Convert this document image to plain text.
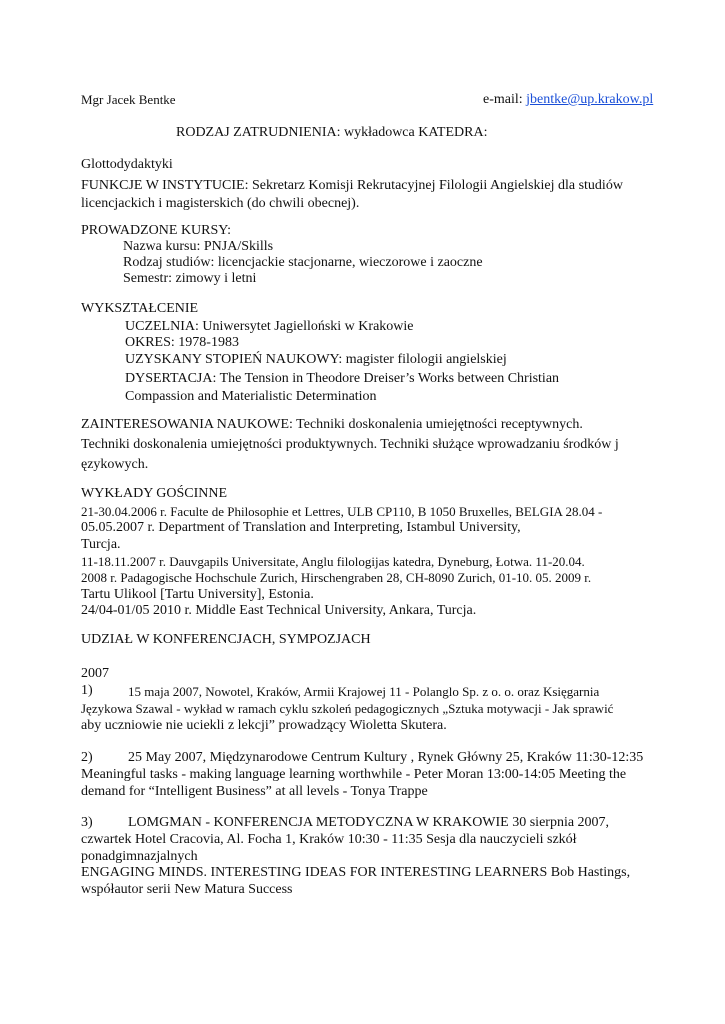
Mgr Jacek Bentke	e-mail: jbentke@up.krakow.pl
RODZAJ ZATRUDNIENIA: wykładowca KATEDRA:
Glottodydaktyki
FUNKCJE W INSTYTUCIE: Sekretarz Komisji Rekrutacyjnej Filologii Angielskiej dla studiów
licencjackich i magisterskich (do chwili obecnej).
PROWADZONE KURSY:
Nazwa kursu: PNJA/Skills
Rodzaj studiów: licencjackie stacjonarne, wieczorowe i zaoczne
Semestr: zimowy i letni
WYKSZTAŁCENIE
UCZELNIA: Uniwersytet Jagielloński w Krakowie
OKRES: 1978-1983
UZYSKANY STOPIEŃ NAUKOWY: magister filologii angielskiej
DYSERTACJA: The Tension in Theodore Dreiser’s Works between Christian
Compassion and Materialistic Determination
ZAINTERESOWANIA NAUKOWE: Techniki doskonalenia umiejętności receptywnych.
Techniki doskonalenia umiejętności produktywnych. Techniki służące wprowadzaniu środków j
ęzykowych.
WYKŁADY GOŚCINNE
21-30.04.2006 r. Faculte de Philosophie et Lettres, ULB CP110, B 1050 Bruxelles, BELGIA 28.04 -
05.05.2007 r. Department of Translation and Interpreting, Istambul University,
Turcja.
11-18.11.2007 r. Dauvgapils Universitate, Anglu filologijas katedra, Dyneburg, Łotwa. 11-20.04.
2008 r. Padagogische Hochschule Zurich, Hirschengraben 28, CH-8090 Zurich, 01-10. 05. 2009 r.
Tartu Ulikool [Tartu University], Estonia.
24/04-01/05 2010 r. Middle East Technical University, Ankara, Turcja.
UDZIAŁ W KONFERENCJACH, SYMPOZJACH
2007
1)	15 maja 2007, Nowotel, Kraków, Armii Krajowej 11 - Polanglo Sp. z o. o. oraz Księgarnia
Językowa Szawal - wykład w ramach cyklu szkoleń pedagogicznych „Sztuka motywacji - Jak sprawić
aby uczniowie nie uciekli z lekcji” prowadzący Wioletta Skutera.
2)	25 May 2007, Międzynarodowe Centrum Kultury , Rynek Główny 25, Kraków 11:30-12:35
Meaningful tasks - making language learning worthwhile - Peter Moran 13:00-14:05 Meeting the
demand for “Intelligent Business” at all levels - Tonya Trappe
3)	LOMGMAN - KONFERENCJA METODYCZNA W KRAKOWIE 30 sierpnia 2007,
czwartek Hotel Cracovia, Al. Focha 1, Kraków 10:30 - 11:35 Sesja dla nauczycieli szkół
ponadgimnazjalnych
ENGAGING MINDS. INTERESTING IDEAS FOR INTERESTING LEARNERS Bob Hastings,
współautor serii New Matura Success
